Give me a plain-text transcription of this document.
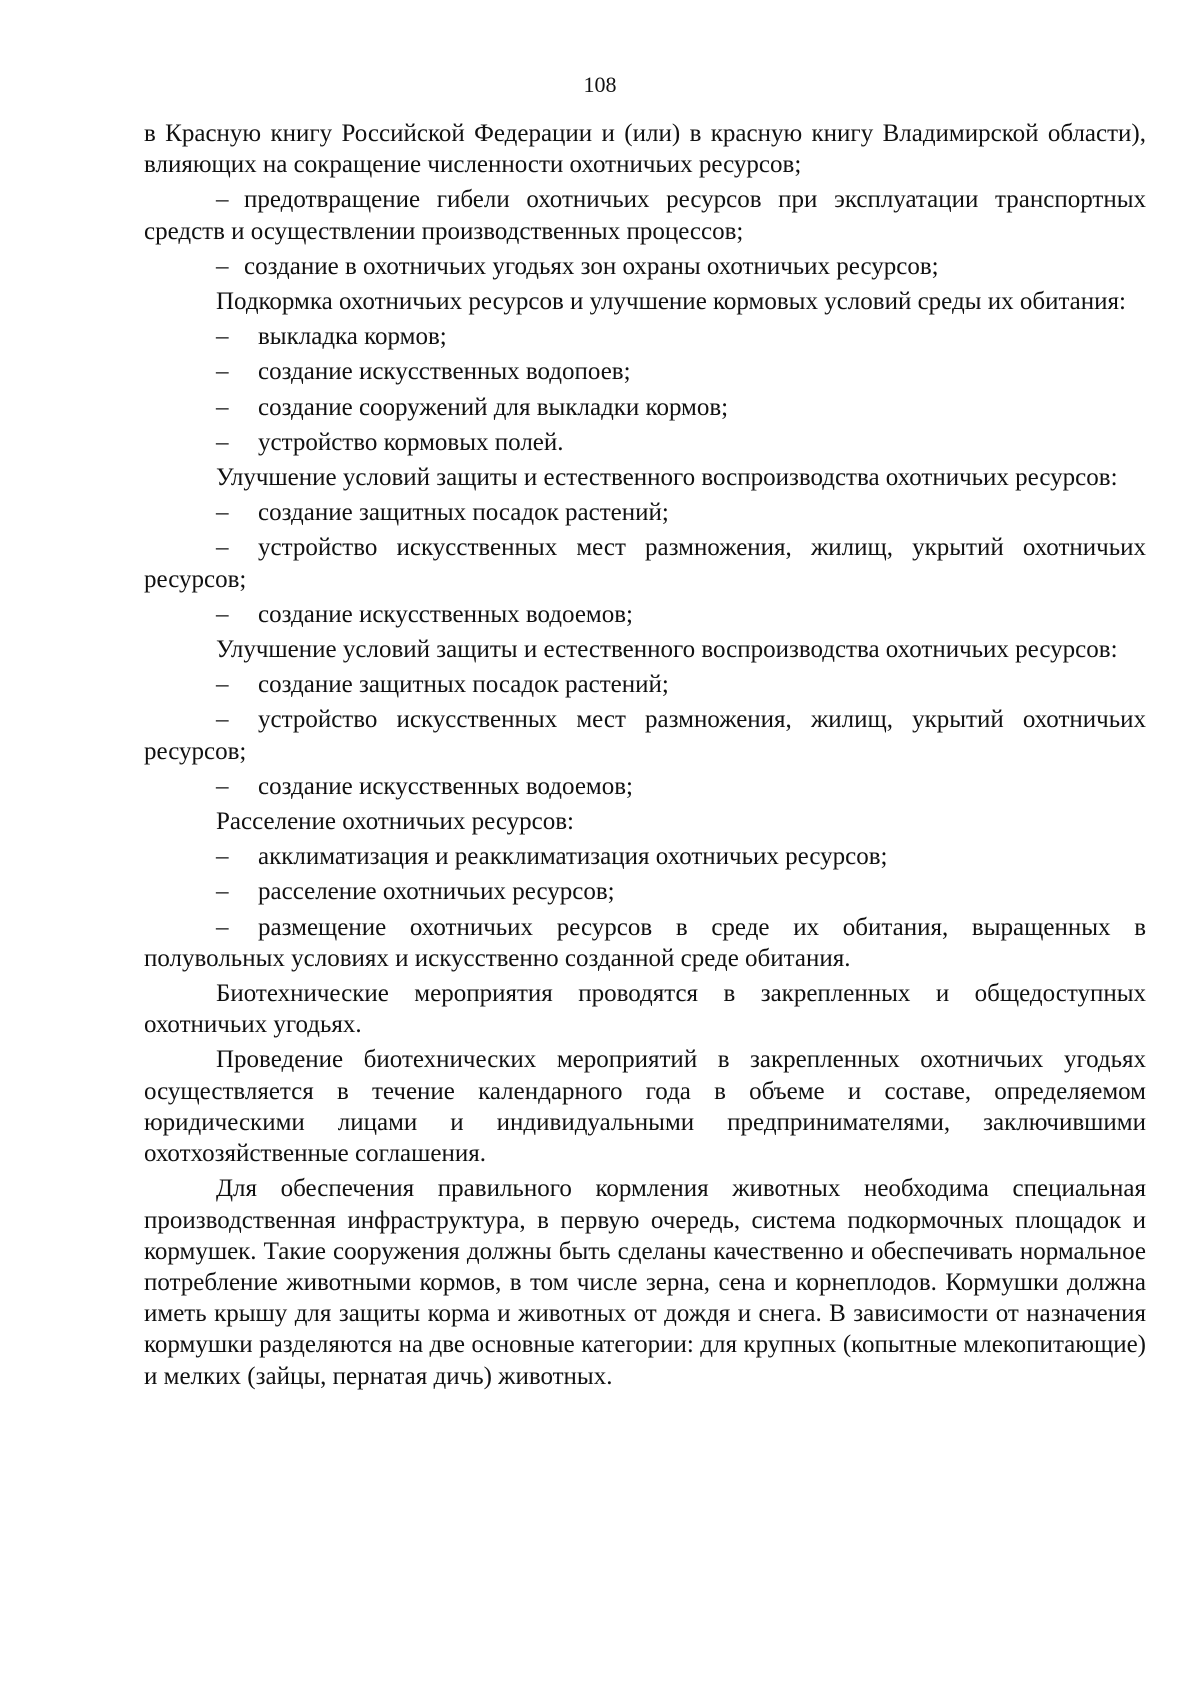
108

в Красную книгу Российской Федерации и (или) в красную книгу Владимирской области), влияющих на сокращение численности охотничьих ресурсов;

– предотвращение гибели охотничьих ресурсов при эксплуатации транспортных средств и осуществлении производственных процессов;

– создание в охотничьих угодьях зон охраны охотничьих ресурсов;

Подкормка охотничьих ресурсов и улучшение кормовых условий среды их обитания:

– выкладка кормов;

– создание искусственных водопоев;

– создание сооружений для выкладки кормов;

– устройство кормовых полей.

Улучшение условий защиты и естественного воспроизводства охотничьих ресурсов:

– создание защитных посадок растений;

– устройство искусственных мест размножения, жилищ, укрытий охотничьих ресурсов;

– создание искусственных водоемов;

Улучшение условий защиты и естественного воспроизводства охотничьих ресурсов:

– создание защитных посадок растений;

– устройство искусственных мест размножения, жилищ, укрытий охотничьих ресурсов;

– создание искусственных водоемов;

Расселение охотничьих ресурсов:

– акклиматизация и реакклиматизация охотничьих ресурсов;

– расселение охотничьих ресурсов;

– размещение охотничьих ресурсов в среде их обитания, выращенных в полувольных условиях и искусственно созданной среде обитания.

Биотехнические мероприятия проводятся в закрепленных и общедоступных охотничьих угодьях.

Проведение биотехнических мероприятий в закрепленных охотничьих угодьях осуществляется в течение календарного года в объеме и составе, определяемом юридическими лицами и индивидуальными предпринимателями, заключившими охотхозяйственные соглашения.

Для обеспечения правильного кормления животных необходима специальная производственная инфраструктура, в первую очередь, система подкормочных площадок и кормушек. Такие сооружения должны быть сделаны качественно и обеспечивать нормальное потребление животными кормов, в том числе зерна, сена и корнеплодов. Кормушки должна иметь крышу для защиты корма и животных от дождя и снега. В зависимости от назначения кормушки разделяются на две основные категории: для крупных (копытные млекопитающие) и мелких (зайцы, пернатая дичь) животных.
